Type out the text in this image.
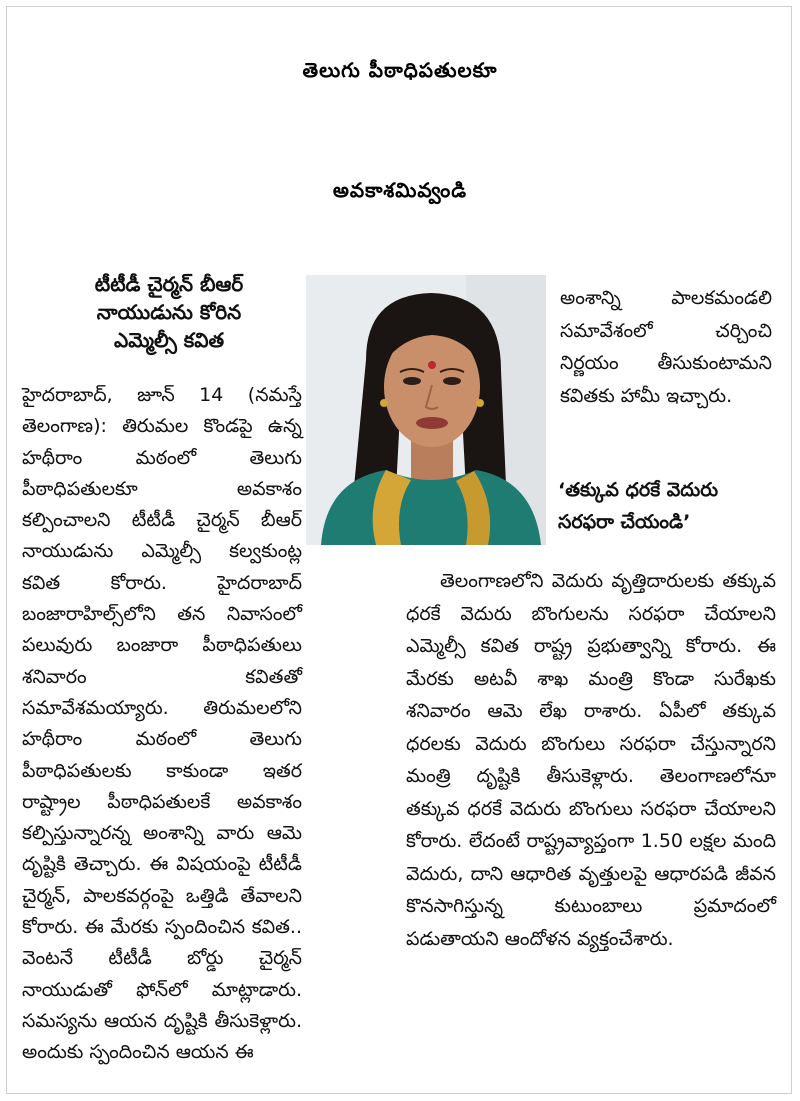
తెలుగు పీఠాధిపతులకూ
అవకాశమివ్వండి
టీటీడీ చైర్మన్ బీఆర్
నాయుడును కోరిన
ఎమ్మెల్సీ కవిత

హైదరాబాద్, జూన్ 14 (నమస్తే తెలంగాణ): తిరుమల కొండపై ఉన్న హథీరాం మఠంలో తెలుగు పీఠాధిపతులకూ అవకాశం కల్పించాలని టీటీడీ చైర్మన్ బీఆర్ నాయుడును ఎమ్మెల్సీ కల్వకుంట్ల కవిత కోరారు. హైదరాబాద్ బంజారాహిల్స్‌లోని తన నివాసంలో పలువురు బంజారా పీఠాధిపతులు శనివారం కవితతో సమావేశమయ్యారు. తిరుమలలోని హథీరాం మఠంలో తెలుగు పీఠాధిపతులకు కాకుండా ఇతర రాష్ట్రాల పీఠాధిపతులకే అవకాశం కల్పిస్తున్నారన్న అంశాన్ని వారు ఆమె దృష్టికి తెచ్చారు. ఈ విషయంపై టీటీడీ చైర్మన్, పాలకవర్గంపై ఒత్తిడి తేవాలని కోరారు. ఈ మేరకు స్పందించిన కవిత.. వెంటనే టీటీడీ బోర్డు చైర్మన్ నాయుడుతో ఫోన్‌లో మాట్లాడారు. సమస్యను ఆయన దృష్టికి తీసుకెళ్లారు. అందుకు స్పందించిన ఆయన ఈ

అంశాన్ని పాలకమండలి సమావేశంలో చర్చించి నిర్ణయం తీసుకుంటామని కవితకు హామీ ఇచ్చారు.

‘తక్కువ ధరకే వెదురు సరఫరా చేయండి’

తెలంగాణలోని వెదురు వృత్తిదారులకు తక్కువ ధరకే వెదురు బొంగులను సరఫరా చేయాలని ఎమ్మెల్సీ కవిత రాష్ట్ర ప్రభుత్వాన్ని కోరారు. ఈ మేరకు అటవీ శాఖ మంత్రి కొండా సురేఖకు శనివారం ఆమె లేఖ రాశారు. ఏపీలో తక్కువ ధరలకు వెదురు బొంగులు సరఫరా చేస్తున్నారని మంత్రి దృష్టికి తీసుకెళ్లారు. తెలంగాణలోనూ తక్కువ ధరకే వెదురు బొంగులు సరఫరా చేయాలని కోరారు. లేదంటే రాష్ట్రవ్యాప్తంగా 1.50 లక్షల మంది వెదురు, దాని ఆధారిత వృత్తులపై ఆధారపడి జీవన కొనసాగిస్తున్న కుటుంబాలు ప్రమాదంలో పడుతాయని ఆందోళన వ్యక్తంచేశారు.
